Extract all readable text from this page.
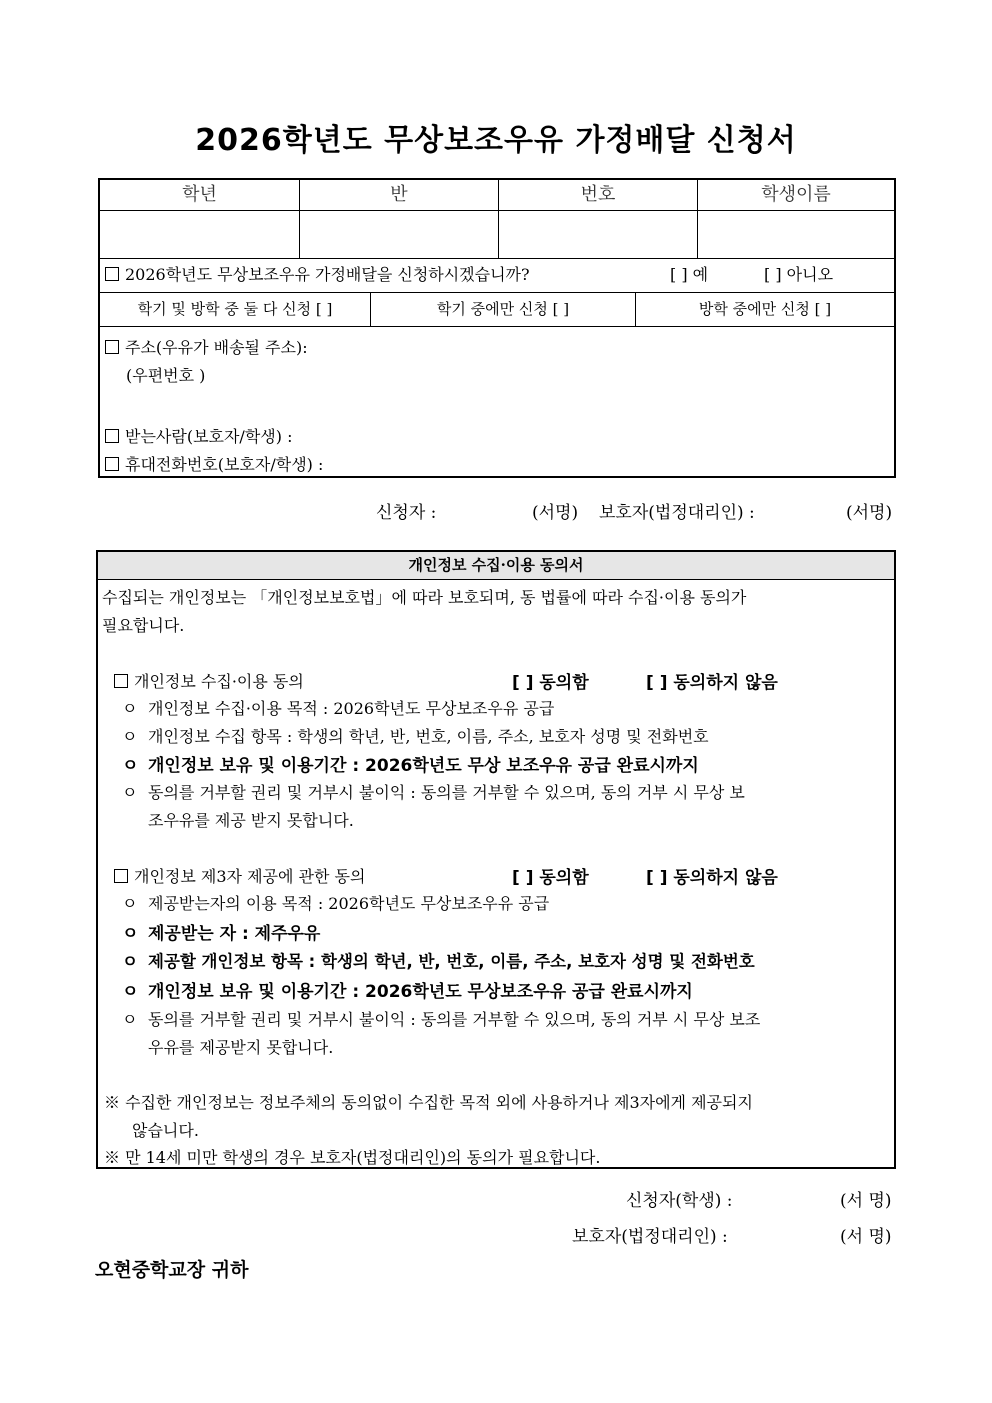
2026학년도 무상보조우유 가정배달 신청서
학년	반	번호	학생이름
2026학년도 무상보조우유 가정배달을 신청하시겠습니까?	[ ] 예	[ ] 아니오
학기 및 방학 중 둘 다 신청 [ ]	학기 중에만 신청 [ ]	방학 중에만 신청 [ ]
주소(우유가 배송될 주소):
(우편번호 )
받는사람(보호자/학생) :
휴대전화번호(보호자/학생) :
신청자 :	(서명) 보호자(법정대리인) :	(서명)
개인정보 수집·이용 동의서
수집되는 개인정보는 「개인정보보호법」에 따라 보호되며, 동 법률에 따라 수집·이용 동의가
필요합니다.
개인정보 수집·이용 동의	[ ] 동의함	[ ] 동의하지 않음
ㅇ 개인정보 수집·이용 목적 : 2026학년도 무상보조우유 공급
ㅇ 개인정보 수집 항목 : 학생의 학년, 반, 번호, 이름, 주소, 보호자 성명 및 전화번호
ㅇ 개인정보 보유 및 이용기간 : 2026학년도 무상 보조우유 공급 완료시까지
ㅇ 동의를 거부할 권리 및 거부시 불이익 : 동의를 거부할 수 있으며, 동의 거부 시 무상 보
조우유를 제공 받지 못합니다.
개인정보 제3자 제공에 관한 동의	[ ] 동의함	[ ] 동의하지 않음
ㅇ 제공받는자의 이용 목적 : 2026학년도 무상보조우유 공급
ㅇ 제공받는 자 : 제주우유
ㅇ 제공할 개인정보 항목 : 학생의 학년, 반, 번호, 이름, 주소, 보호자 성명 및 전화번호
ㅇ 개인정보 보유 및 이용기간 : 2026학년도 무상보조우유 공급 완료시까지
ㅇ 동의를 거부할 권리 및 거부시 불이익 : 동의를 거부할 수 있으며, 동의 거부 시 무상 보조
우유를 제공받지 못합니다.
※ 수집한 개인정보는 정보주체의 동의없이 수집한 목적 외에 사용하거나 제3자에게 제공되지
않습니다.
※ 만 14세 미만 학생의 경우 보호자(법정대리인)의 동의가 필요합니다.
신청자(학생) :	(서 명)
보호자(법정대리인) :	(서 명)
오현중학교장 귀하
